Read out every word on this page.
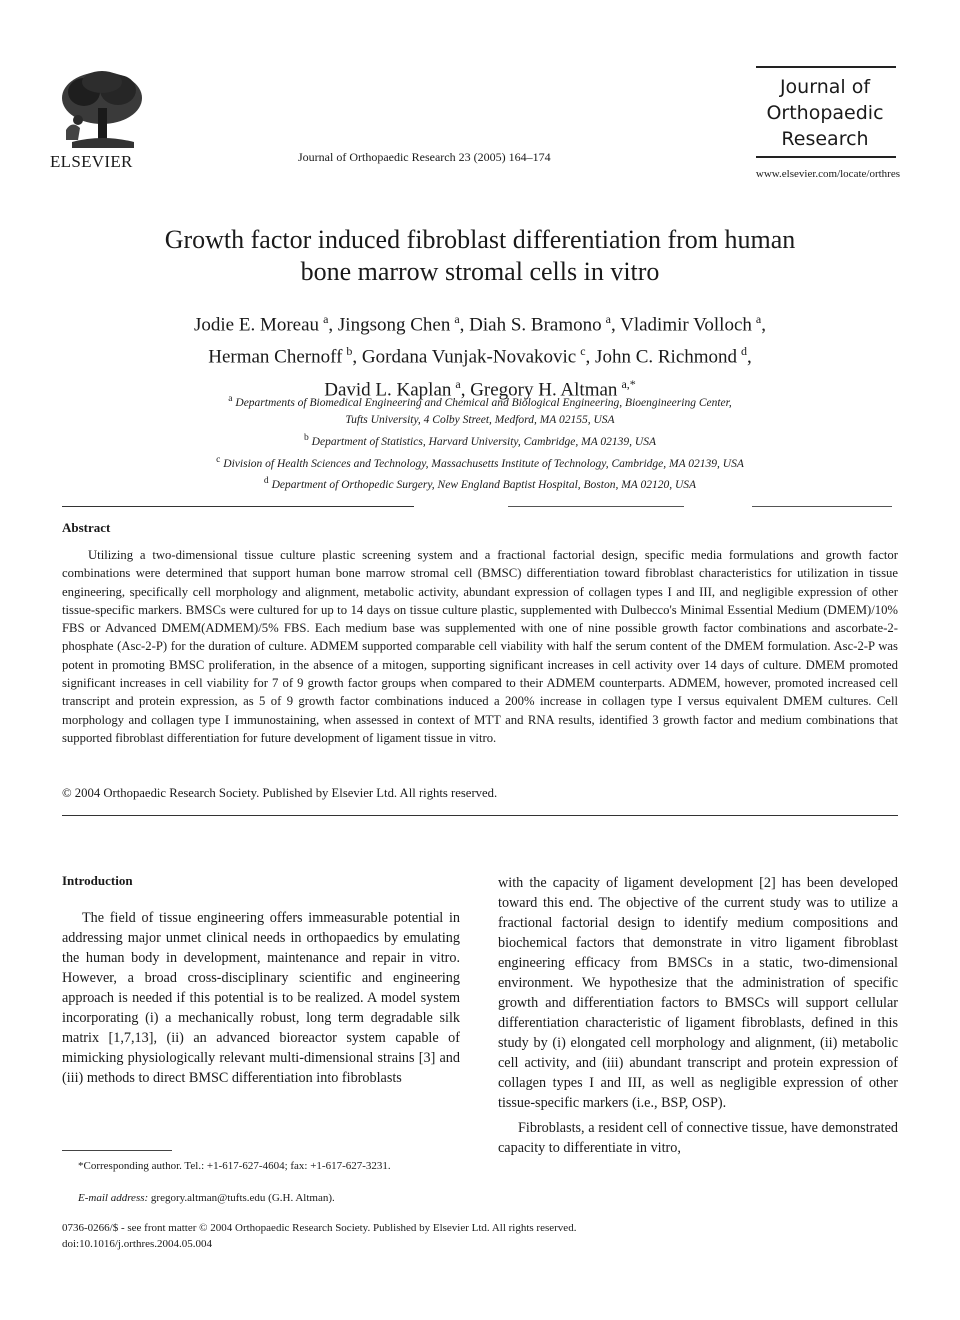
ELSEVIER	Journal of Orthopaedic Research 23 (2005) 164–174
Journal of
Orthopaedic
Research
www.elsevier.com/locate/orthres
Growth factor induced fibroblast differentiation from human
bone marrow stromal cells in vitro
Jodie E. Moreau $^a$, Jingsong Chen $^a$, Diah S. Bramono $^a$, Vladimir Volloch $^a$,
Herman Chernoff $^b$, Gordana Vunjak-Novakovic $^c$, John C. Richmond $^d$,
David L. Kaplan $^a$, Gregory H. Altman $^{a,*}$
$^a$ Departments of Biomedical Engineering and Chemical and Biological Engineering, Bioengineering Center,
Tufts University, 4 Colby Street, Medford, MA 02155, USA
$^b$ Department of Statistics, Harvard University, Cambridge, MA 02139, USA
$^c$ Division of Health Sciences and Technology, Massachusetts Institute of Technology, Cambridge, MA 02139, USA
$^d$ Department of Orthopedic Surgery, New England Baptist Hospital, Boston, MA 02120, USA
Abstract
Utilizing a two-dimensional tissue culture plastic screening system and a fractional factorial design, specific media formulations and growth factor combinations were determined that support human bone marrow stromal cell (BMSC) differentiation toward fibroblast characteristics for utilization in tissue engineering, specifically cell morphology and alignment, metabolic activity, abundant expression of collagen types I and III, and negligible expression of other tissue-specific markers. BMSCs were cultured for up to 14 days on tissue culture plastic, supplemented with Dulbecco's Minimal Essential Medium (DMEM)/10% FBS or Advanced DMEM(ADMEM)/5% FBS. Each medium base was supplemented with one of nine possible growth factor combinations and ascorbate-2-phosphate (Asc-2-P) for the duration of culture. ADMEM supported comparable cell viability with half the serum content of the DMEM formulation. Asc-2-P was potent in promoting BMSC proliferation, in the absence of a mitogen, supporting significant increases in cell activity over 14 days of culture. DMEM promoted significant increases in cell viability for 7 of 9 growth factor groups when compared to their ADMEM counterparts. ADMEM, however, promoted increased cell transcript and protein expression, as 5 of 9 growth factor combinations induced a 200% increase in collagen type I versus equivalent DMEM cultures. Cell morphology and collagen type I immunostaining, when assessed in context of MTT and RNA results, identified 3 growth factor and medium combinations that supported fibroblast differentiation for future development of ligament tissue in vitro.
© 2004 Orthopaedic Research Society. Published by Elsevier Ltd. All rights reserved.
Introduction
The field of tissue engineering offers immeasurable potential in addressing major unmet clinical needs in orthopaedics by emulating the human body in development, maintenance and repair in vitro. However, a broad cross-disciplinary scientific and engineering approach is needed if this potential is to be realized. A model system incorporating (i) a mechanically robust, long term degradable silk matrix [1,7,13], (ii) an advanced bioreactor system capable of mimicking physiologically relevant multi-dimensional strains [3] and (iii) methods to direct BMSC differentiation into fibroblasts

with the capacity of ligament development [2] has been developed toward this end. The objective of the current study was to utilize a fractional factorial design to identify medium compositions and biochemical factors that demonstrate in vitro ligament fibroblast engineering efficacy from BMSCs in a static, two-dimensional environment. We hypothesize that the administration of specific growth and differentiation factors to BMSCs will support cellular differentiation characteristic of ligament fibroblasts, defined in this study by (i) elongated cell morphology and alignment, (ii) metabolic cell activity, and (iii) abundant transcript and protein expression of collagen types I and III, as well as negligible expression of other tissue-specific markers (i.e., BSP, OSP).

Fibroblasts, a resident cell of connective tissue, have demonstrated capacity to differentiate in vitro,

*Corresponding author. Tel.: +1-617-627-4604; fax: +1-617-627-3231.
E-mail address: gregory.altman@tufts.edu (G.H. Altman).
0736-0266/$ - see front matter © 2004 Orthopaedic Research Society. Published by Elsevier Ltd. All rights reserved.
doi:10.1016/j.orthres.2004.05.004
